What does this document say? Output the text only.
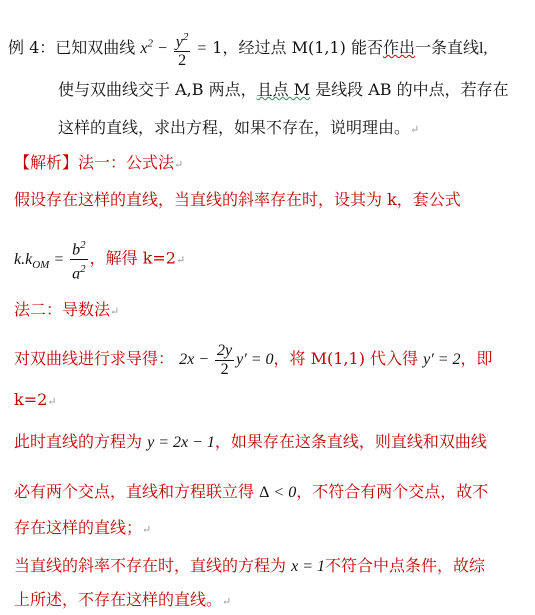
例 4：已知双曲线 $x^2 - \frac{y^2}{2} = 1$，经过点 M(1,1) 能否作出一条直线l,
使与双曲线交于 A,B 两点，且点 M 是线段 AB 的中点，若存在
这样的直线，求出方程，如果不存在，说明理由。↵
【解析】法一：公式法↵
假设存在这样的直线，当直线的斜率存在时，设其为 k，套公式
$k.k_{OM} = \frac{b^2}{a^2}$ ，解得 k=2↵
法二：导数法↵
对双曲线进行求导得： $2x - \frac{2y}{2} y' = 0$，将 M(1,1) 代入得 y′ = 2，即
k=2↵
此时直线的方程为 y = 2x − 1，如果存在这条直线，则直线和双曲线
必有两个交点，直线和方程联立得 Δ < 0，不符合有两个交点，故不
存在这样的直线；↵
当直线的斜率不存在时，直线的方程为 x = 1不符合中点条件，故综
上所述，不存在这样的直线。↵
